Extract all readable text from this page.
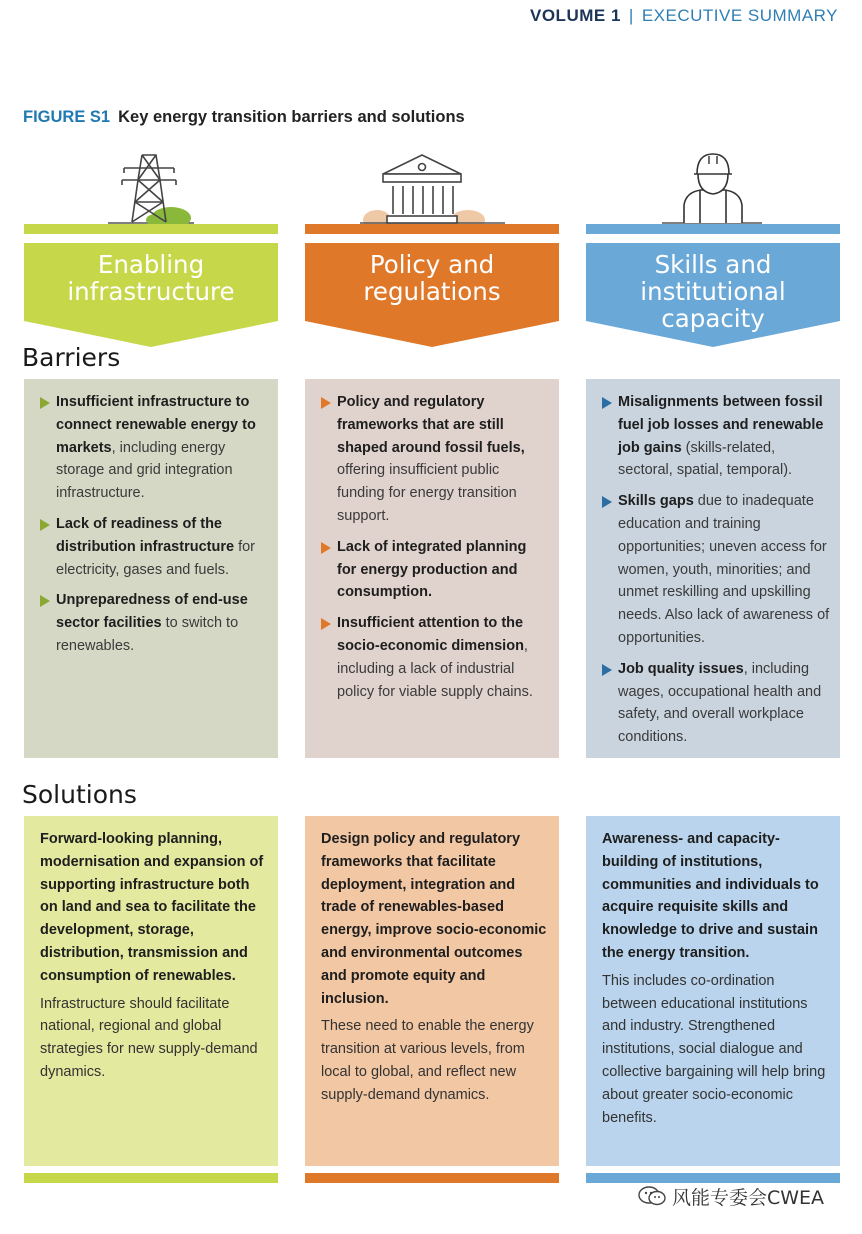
VOLUME 1 | EXECUTIVE SUMMARY
FIGURE S1 Key energy transition barriers and solutions
Enabling
infrastructure
Policy and
regulations
Skills and
institutional
capacity
Barriers
Insufficient infrastructure to connect renewable energy to markets, including energy storage and grid integration infrastructure.
Lack of readiness of the distribution infrastructure for electricity, gases and fuels.
Unpreparedness of end-use sector facilities to switch to renewables.
Policy and regulatory frameworks that are still shaped around fossil fuels, offering insufficient public funding for energy transition support.
Lack of integrated planning for energy production and consumption.
Insufficient attention to the socio-economic dimension, including a lack of industrial policy for viable supply chains.
Misalignments between fossil fuel job losses and renewable job gains (skills-related, sectoral, spatial, temporal).
Skills gaps due to inadequate education and training opportunities; uneven access for women, youth, minorities; and unmet reskilling and upskilling needs. Also lack of awareness of opportunities.
Job quality issues, including wages, occupational health and safety, and overall workplace conditions.
Solutions
Forward-looking planning, modernisation and expansion of supporting infrastructure both on land and sea to facilitate the development, storage, distribution, transmission and consumption of renewables.
Infrastructure should facilitate national, regional and global strategies for new supply-demand dynamics.
Design policy and regulatory frameworks that facilitate deployment, integration and trade of renewables-based energy, improve socio-economic and environmental outcomes and promote equity and inclusion.
These need to enable the energy transition at various levels, from local to global, and reflect new supply-demand dynamics.
Awareness- and capacity-building of institutions, communities and individuals to acquire requisite skills and knowledge to drive and sustain the energy transition.
This includes co-ordination between educational institutions and industry. Strengthened institutions, social dialogue and collective bargaining will help bring about greater socio-economic benefits.
风能专委会CWEA
